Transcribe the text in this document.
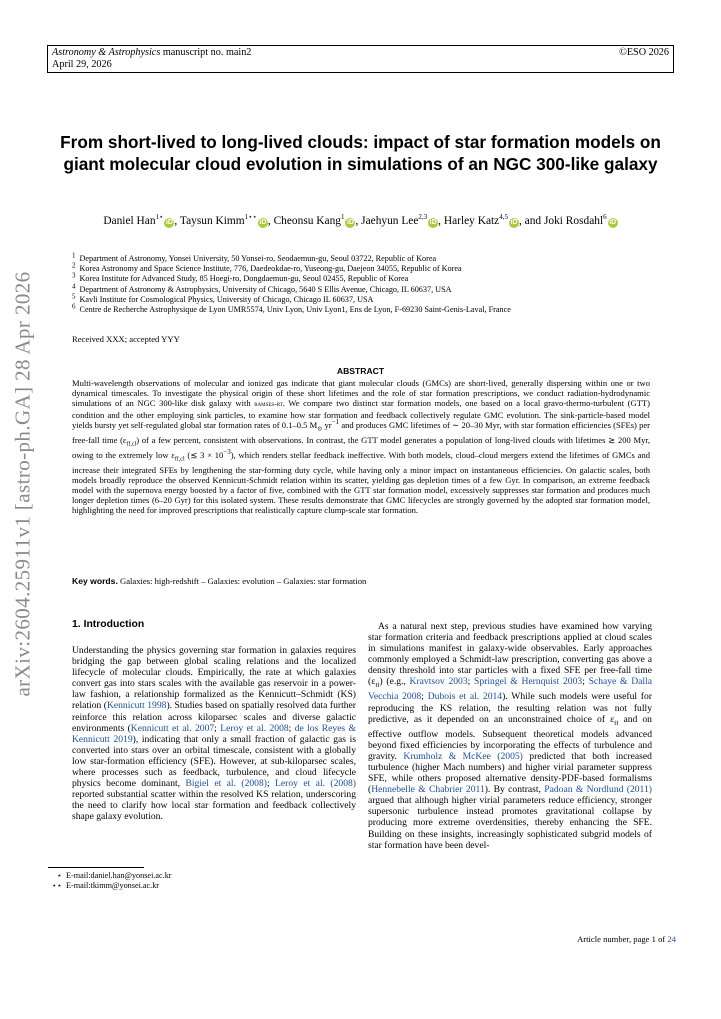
Astronomy & Astrophysics manuscript no. main2
April 29, 2026
©ESO 2026
arXiv:2604.25911v1 [astro-ph.GA] 28 Apr 2026
From short-lived to long-lived clouds: impact of star formation models on giant molecular cloud evolution in simulations of an NGC 300-like galaxy
Daniel Han$^{1⋆}$iD , Taysun Kimm$^{1⋆⋆}$iD , Cheonsu Kang$^1$iD , Jaehyun Lee$^{2,3}$iD , Harley Katz$^{4,5}$iD , and Joki Rosdahl$^6$iD
$^1$ Department of Astronomy, Yonsei University, 50 Yonsei-ro, Seodaemun-gu, Seoul 03722, Republic of Korea
$^2$ Korea Astronomy and Space Science Institute, 776, Daedeokdae-ro, Yuseong-gu, Daejeon 34055, Republic of Korea
$^3$ Korea Institute for Advanced Study, 85 Hoegi-ro, Dongdaemun-gu, Seoul 02455, Republic of Korea
$^4$ Department of Astronomy & Astrophysics, University of Chicago, 5640 S Ellis Avenue, Chicago, IL 60637, USA
$^5$ Kavli Institute for Cosmological Physics, University of Chicago, Chicago IL 60637, USA
$^6$ Centre de Recherche Astrophysique de Lyon UMR5574, Univ Lyon, Univ Lyon1, Ens de Lyon, F-69230 Saint-Genis-Laval, France
Received XXX; accepted YYY
ABSTRACT
Multi-wavelength observations of molecular and ionized gas indicate that giant molecular clouds (GMCs) are short-lived, generally dispersing within one or two dynamical timescales. To investigate the physical origin of these short lifetimes and the role of star formation prescriptions, we conduct radiation-hydrodynamic simulations of an NGC 300-like disk galaxy with ramses-rt. We compare two distinct star formation models, one based on a local gravo-thermo-turbulent (GTT) condition and the other employing sink particles, to examine how star formation and feedback collectively regulate GMC evolution. The sink-particle-based model yields bursty yet self-regulated global star formation rates of 0.1–0.5 $M_⊙$ $yr^{-1}$ and produces GMC lifetimes of ∼ 20–30 Myr, with star formation efficiencies (SFEs) per free-fall time $(\varepsilon_{ff,cl})$ of a few percent, consistent with observations. In contrast, the GTT model generates a population of long-lived clouds with lifetimes ≳ 200 Myr, owing to the extremely low $\varepsilon_{ff,cl}$ (≲ $3 \times 10^{-3}$), which renders stellar feedback ineffective. With both models, cloud–cloud mergers extend the lifetimes of GMCs and increase their integrated SFEs by lengthening the star-forming duty cycle, while having only a minor impact on instantaneous efficiencies. On galactic scales, both models broadly reproduce the observed Kennicutt-Schmidt relation within its scatter, yielding gas depletion times of a few Gyr. In comparison, an extreme feedback model with the supernova energy boosted by a factor of five, combined with the GTT star formation model, excessively suppresses star formation and produces much longer depletion times (6–20 Gyr) for this isolated system. These results demonstrate that GMC lifecycles are strongly governed by the adopted star formation model, highlighting the need for improved prescriptions that realistically capture clump-scale star formation.
Key words. Galaxies: high-redshift – Galaxies: evolution – Galaxies: star formation
1. Introduction
Understanding the physics governing star formation in galaxies requires bridging the gap between global scaling relations and the localized lifecycle of molecular clouds. Empirically, the rate at which galaxies convert gas into stars scales with the available gas reservoir in a power-law fashion, a relationship formalized as the Kennicutt–Schmidt (KS) relation (Kennicutt 1998). Studies based on spatially resolved data further reinforce this relation across kiloparsec scales and diverse galactic environments (Kennicutt et al. 2007; Leroy et al. 2008; de los Reyes & Kennicutt 2019), indicating that only a small fraction of galactic gas is converted into stars over an orbital timescale, consistent with a globally low star-formation efficiency (SFE). However, at sub-kiloparsec scales, where processes such as feedback, turbulence, and cloud lifecycle physics become dominant, Bigiel et al. (2008); Leroy et al. (2008) reported substantial scatter within the resolved KS relation, underscoring the need to clarify how local star formation and feedback collectively shape galaxy evolution.
As a natural next step, previous studies have examined how varying star formation criteria and feedback prescriptions applied at cloud scales in simulations manifest in galaxy-wide observables. Early approaches commonly employed a Schmidt-law prescription, converting gas above a density threshold into star particles with a fixed SFE per free-fall time $(\varepsilon_{ff})$ (e.g., Kravtsov 2003; Springel & Hernquist 2003; Schaye & Dalla Vecchia 2008; Dubois et al. 2014). While such models were useful for reproducing the KS relation, the resulting relation was not fully predictive, as it depended on an unconstrained choice of $\varepsilon_{ff}$ and on effective outflow models. Subsequent theoretical models advanced beyond fixed efficiencies by incorporating the effects of turbulence and gravity. Krumholz & McKee (2005) predicted that both increased turbulence (higher Mach numbers) and higher virial parameter suppress SFE, while others proposed alternative density-PDF-based formalisms (Hennebelle & Chabrier 2011). By contrast, Padoan & Nordlund (2011) argued that although higher virial parameters reduce efficiency, stronger supersonic turbulence instead promotes gravitational collapse by producing more extreme overdensities, thereby enhancing the SFE. Building on these insights, increasingly sophisticated subgrid models of star formation have been devel-
⋆ E-mail:daniel.han@yonsei.ac.kr
⋆⋆ E-mail:tkimm@yonsei.ac.kr
Article number, page 1 of 24
